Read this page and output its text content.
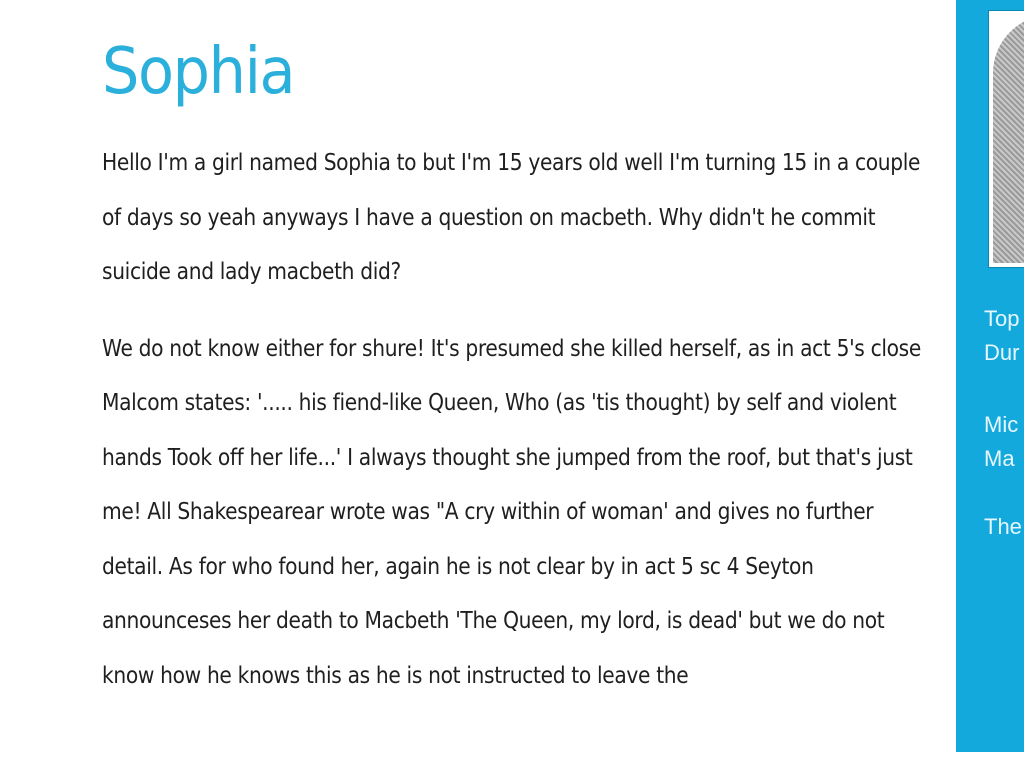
Sophia

Hello I'm a girl named Sophia to but I'm 15 years old well I'm turning 15 in a couple of days so yeah anyways I have a question on macbeth. Why didn't he commit suicide and lady macbeth did?

We do not know either for shure! It's presumed she killed herself, as in act 5's close Malcom states: '..... his fiend-like Queen, Who (as 'tis thought) by self and violent hands Took off her life...' I always thought she jumped from the roof, but that's just me! All Shakespearear wrote was "A cry within of woman' and gives no further detail. As for who found her, again he is not clear by in act 5 sc 4 Seyton announceses her death to Macbeth 'The Queen, my lord, is dead' but we do not know how he knows this as he is not instructed to leave the

Top
Dur
Mic
Ma
The
